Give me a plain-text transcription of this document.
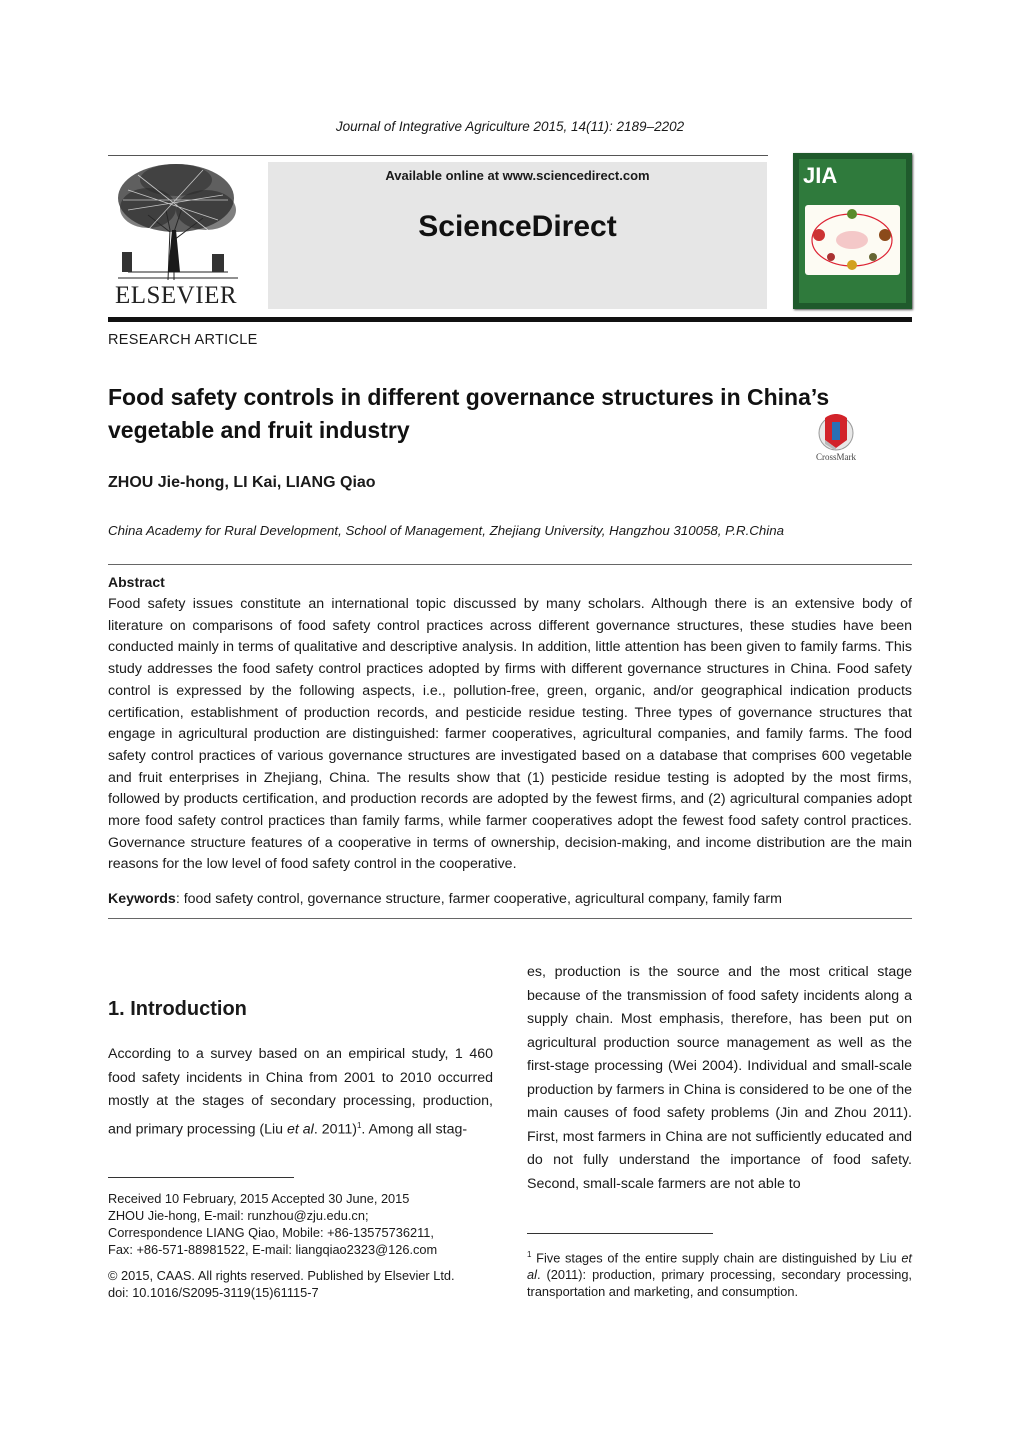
Journal of Integrative Agriculture 2015, 14(11): 2189–2202
ELSEVIER
Available online at www.sciencedirect.com
ScienceDirect
JIA
RESEARCH ARTICLE
Food safety controls in different governance structures in China’s vegetable and fruit industry
CrossMark
ZHOU Jie-hong, LI Kai, LIANG Qiao
China Academy for Rural Development, School of Management, Zhejiang University, Hangzhou 310058, P.R.China
Abstract
Food safety issues constitute an international topic discussed by many scholars. Although there is an extensive body of literature on comparisons of food safety control practices across different governance structures, these studies have been conducted mainly in terms of qualitative and descriptive analysis. In addition, little attention has been given to family farms. This study addresses the food safety control practices adopted by firms with different governance structures in China. Food safety control is expressed by the following aspects, i.e., pollution-free, green, organic, and/or geographical indication products certification, establishment of production records, and pesticide residue testing. Three types of governance structures that engage in agricultural production are distinguished: farmer cooperatives, agricultural companies, and family farms. The food safety control practices of various governance structures are investigated based on a database that comprises 600 vegetable and fruit enterprises in Zhejiang, China. The results show that (1) pesticide residue testing is adopted by the most firms, followed by products certification, and production records are adopted by the fewest firms, and (2) agricultural companies adopt more food safety control practices than family farms, while farmer cooperatives adopt the fewest food safety control practices. Governance structure features of a cooperative in terms of ownership, decision-making, and income distribution are the main reasons for the low level of food safety control in the cooperative.
Keywords: food safety control, governance structure, farmer cooperative, agricultural company, family farm
1. Introduction
According to a survey based on an empirical study, 1 460 food safety incidents in China from 2001 to 2010 occurred mostly at the stages of secondary processing, production, and primary processing (Liu et al. 2011)$^1$. Among all stag-
es, production is the source and the most critical stage because of the transmission of food safety incidents along a supply chain. Most emphasis, therefore, has been put on agricultural production source management as well as the first-stage processing (Wei 2004). Individual and small-scale production by farmers in China is considered to be one of the main causes of food safety problems (Jin and Zhou 2011). First, most farmers in China are not sufficiently educated and do not fully understand the importance of food safety. Second, small-scale farmers are not able to

Received 10 February, 2015 Accepted 30 June, 2015

ZHOU Jie-hong, E-mail: runzhou@zju.edu.cn;

Correspondence LIANG Qiao, Mobile: +86-13575736211,

Fax: +86-571-88981522, E-mail: liangqiao2323@126.com

© 2015, CAAS. All rights reserved. Published by Elsevier Ltd.

doi: 10.1016/S2095-3119(15)61115-7

$^1$ Five stages of the entire supply chain are distinguished by Liu et al. (2011): production, primary processing, secondary processing, transportation and marketing, and consumption.
